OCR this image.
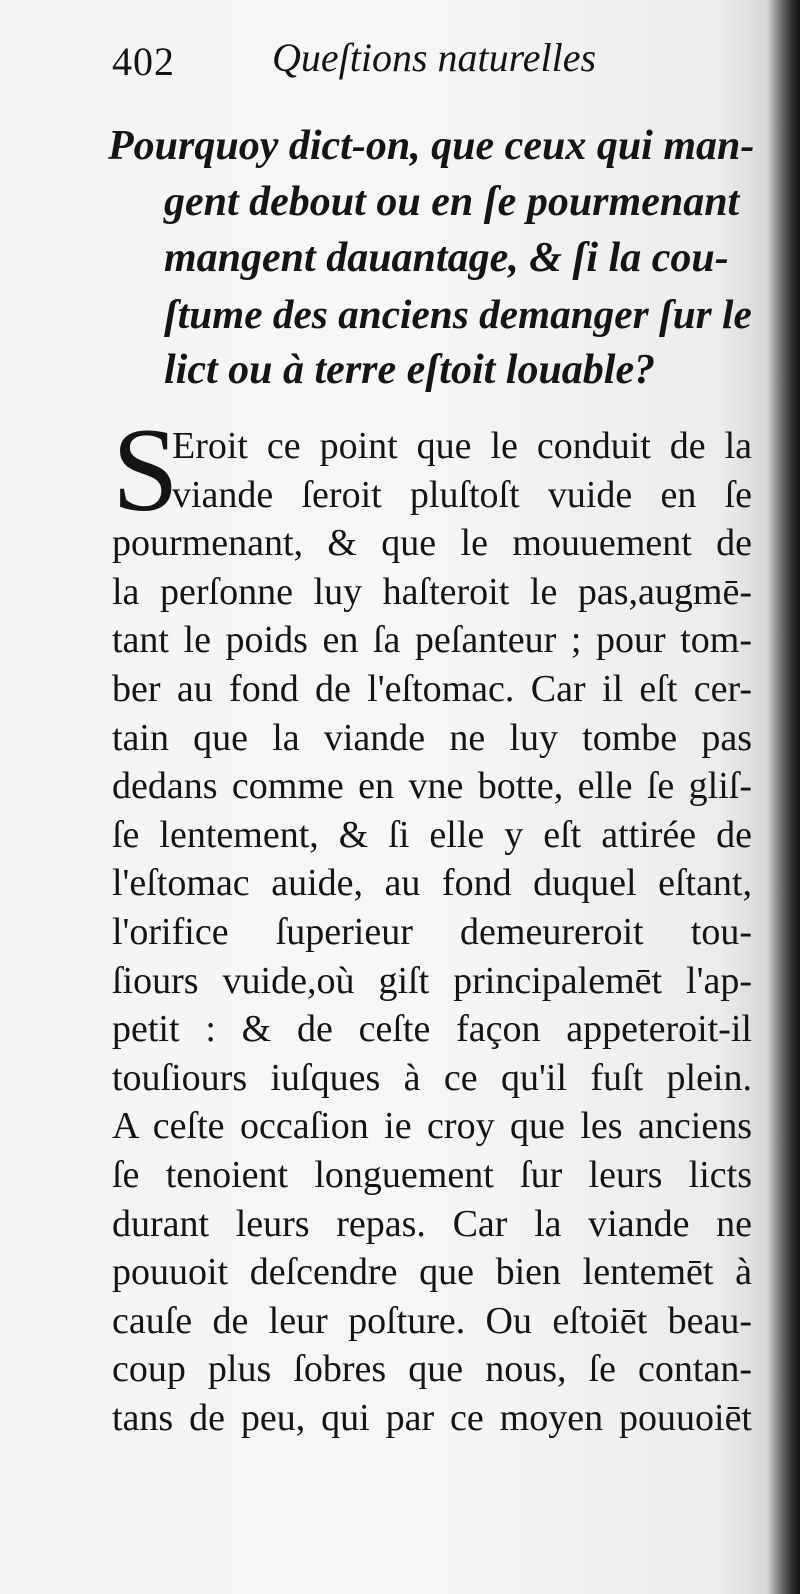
402 Queſtions naturelles
Pourquoy dict-on, que ceux qui man-
gent debout ou en ſe pourmenant
mangent dauantage, & ſi la cou-
ſtume des anciens demanger ſur le
lict ou à terre eſtoit louable?
S
Eroit ce point que le conduit de la
viande ſeroit pluſtoſt vuide en ſe
pourmenant, & que le mouuement de
la perſonne luy haſteroit le pas,augmē-
tant le poids en ſa peſanteur ; pour tom-
ber au fond de l'eſtomac. Car il eſt cer-
tain que la viande ne luy tombe pas
dedans comme en vne botte, elle ſe gliſ-
ſe lentement, & ſi elle y eſt attirée de
l'eſtomac auide, au fond duquel eſtant,
l'orifice ſuperieur demeureroit tou-
ſiours vuide,où giſt principalemēt l'ap-
petit : & de ceſte façon appeteroit-il
touſiours iuſques à ce qu'il fuſt plein.
A ceſte occaſion ie croy que les anciens
ſe tenoient longuement ſur leurs licts
durant leurs repas. Car la viande ne
pouuoit deſcendre que bien lentemēt à
cauſe de leur poſture. Ou eſtoiēt beau-
coup plus ſobres que nous, ſe contan-
tans de peu, qui par ce moyen pouuoiēt
